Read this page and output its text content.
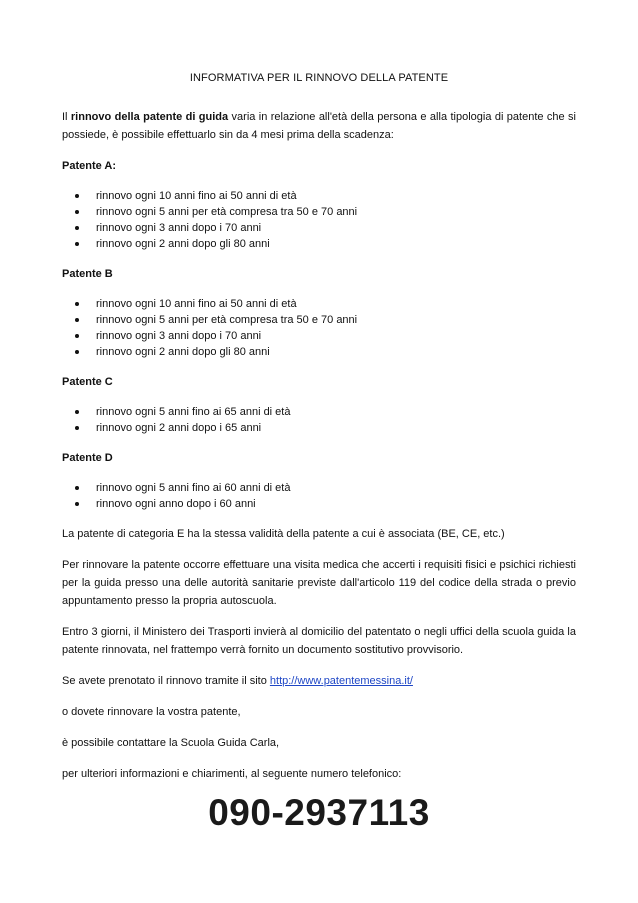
INFORMATIVA PER IL RINNOVO DELLA PATENTE

Il rinnovo della patente di guida varia in relazione all'età della persona e alla tipologia di patente che si possiede, è possibile effettuarlo sin da 4 mesi prima della scadenza:

Patente A:

rinnovo ogni 10 anni fino ai 50 anni di età
rinnovo ogni 5 anni per età compresa tra 50 e 70 anni
rinnovo ogni 3 anni dopo i 70 anni
rinnovo ogni 2 anni dopo gli 80 anni

Patente B

rinnovo ogni 10 anni fino ai 50 anni di età
rinnovo ogni 5 anni per età compresa tra 50 e 70 anni
rinnovo ogni 3 anni dopo i 70 anni
rinnovo ogni 2 anni dopo gli 80 anni

Patente C

rinnovo ogni 5 anni fino ai 65 anni di età
rinnovo ogni 2 anni dopo i 65 anni

Patente D

rinnovo ogni 5 anni fino ai 60 anni di età
rinnovo ogni anno dopo i 60 anni

La patente di categoria E ha la stessa validità della patente a cui è associata (BE, CE, etc.)

Per rinnovare la patente occorre effettuare una visita medica che accerti i requisiti fisici e psichici richiesti per la guida presso una delle autorità sanitarie previste dall'articolo 119 del codice della strada o previo appuntamento presso la propria autoscuola.

Entro 3 giorni, il Ministero dei Trasporti invierà al domicilio del patentato o negli uffici della scuola guida la patente rinnovata, nel frattempo verrà fornito un documento sostitutivo provvisorio.

Se avete prenotato il rinnovo tramite il sito http://www.patentemessina.it/

o dovete rinnovare la vostra patente,

è possibile contattare la Scuola Guida Carla,

per ulteriori informazioni e chiarimenti, al seguente numero telefonico:

090-2937113
